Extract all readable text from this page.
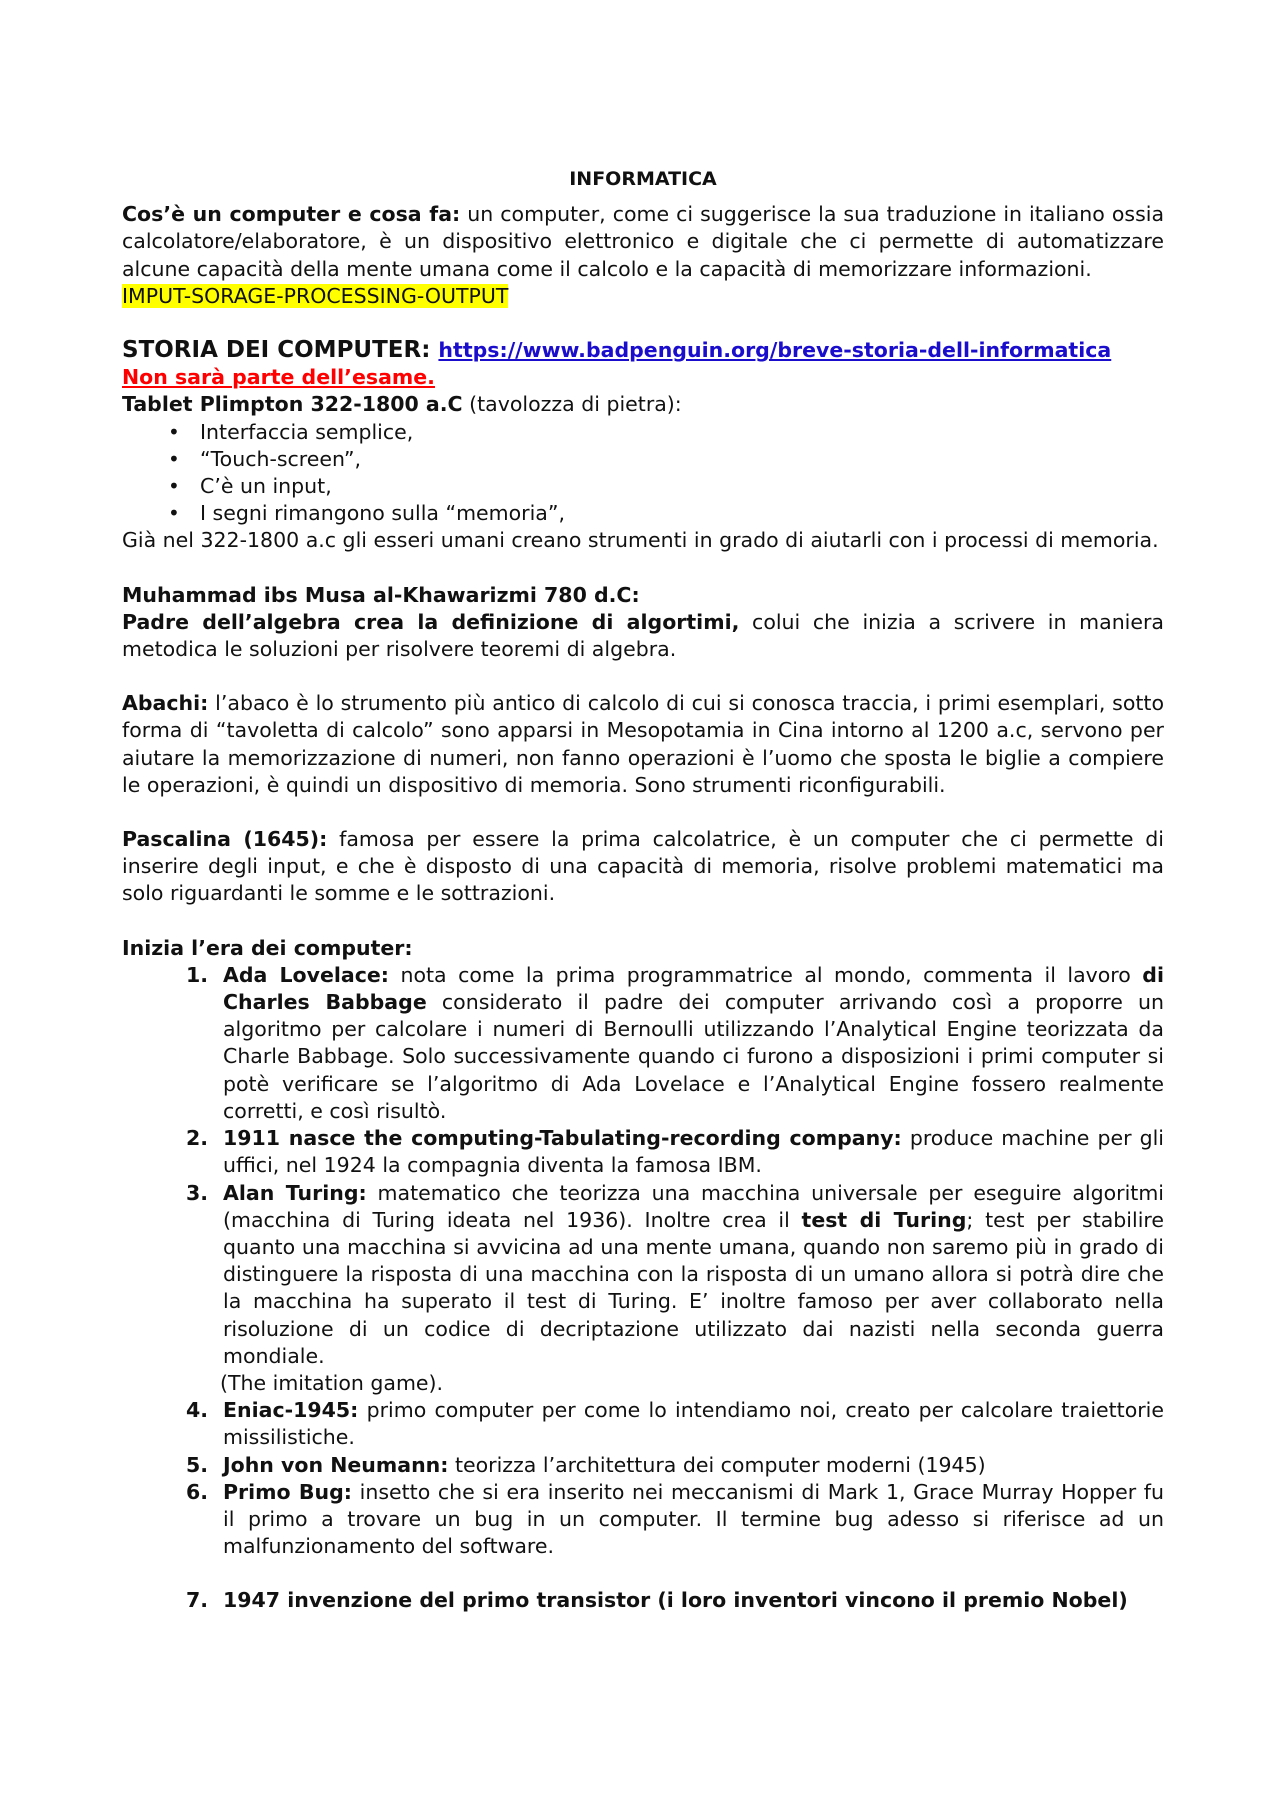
INFORMATICA

Cos’è un computer e cosa fa: un computer, come ci suggerisce la sua traduzione in italiano ossia calcolatore/elaboratore, è un dispositivo elettronico e digitale che ci permette di automatizzare alcune capacità della mente umana come il calcolo e la capacità di memorizzare informazioni.

IMPUT-SORAGE-PROCESSING-OUTPUT

STORIA DEI COMPUTER: https://www.badpenguin.org/breve-storia-dell-informatica

Non sarà parte dell’esame.

Tablet Plimpton 322-1800 a.C (tavolozza di pietra):

• Interfaccia semplice,
• “Touch-screen”,
• C’è un input,
• I segni rimangono sulla “memoria”,

Già nel 322-1800 a.c gli esseri umani creano strumenti in grado di aiutarli con i processi di memoria.

Muhammad ibs Musa al-Khawarizmi 780 d.C:

Padre dell’algebra crea la definizione di algortimi, colui che inizia a scrivere in maniera metodica le soluzioni per risolvere teoremi di algebra.

Abachi: l’abaco è lo strumento più antico di calcolo di cui si conosca traccia, i primi esemplari, sotto forma di “tavoletta di calcolo” sono apparsi in Mesopotamia in Cina intorno al 1200 a.c, servono per aiutare la memorizzazione di numeri, non fanno operazioni è l’uomo che sposta le biglie a compiere le operazioni, è quindi un dispositivo di memoria. Sono strumenti riconfigurabili.

Pascalina (1645): famosa per essere la prima calcolatrice, è un computer che ci permette di inserire degli input, e che è disposto di una capacità di memoria, risolve problemi matematici ma solo riguardanti le somme e le sottrazioni.

Inizia l’era dei computer:

1. Ada Lovelace: nota come la prima programmatrice al mondo, commenta il lavoro di Charles Babbage considerato il padre dei computer arrivando così a proporre un algoritmo per calcolare i numeri di Bernoulli utilizzando l’Analytical Engine teorizzata da Charle Babbage. Solo successivamente quando ci furono a disposizioni i primi computer si potè verificare se l’algoritmo di Ada Lovelace e l’Analytical Engine fossero realmente corretti, e così risultò.
2. 1911 nasce the computing-Tabulating-recording company: produce machine per gli uffici, nel 1924 la compagnia diventa la famosa IBM.
3. Alan Turing: matematico che teorizza una macchina universale per eseguire algoritmi (macchina di Turing ideata nel 1936). Inoltre crea il test di Turing; test per stabilire quanto una macchina si avvicina ad una mente umana, quando non saremo più in grado di distinguere la risposta di una macchina con la risposta di un umano allora si potrà dire che la macchina ha superato il test di Turing. E’ inoltre famoso per aver collaborato nella risoluzione di un codice di decriptazione utilizzato dai nazisti nella seconda guerra mondiale.

(The imitation game).

4. Eniac-1945: primo computer per come lo intendiamo noi, creato per calcolare traiettorie missilistiche.
5. John von Neumann: teorizza l’architettura dei computer moderni (1945)
6. Primo Bug: insetto che si era inserito nei meccanismi di Mark 1, Grace Murray Hopper fu il primo a trovare un bug in un computer. Il termine bug adesso si riferisce ad un malfunzionamento del software.
7. 1947 invenzione del primo transistor (i loro inventori vincono il premio Nobel)
